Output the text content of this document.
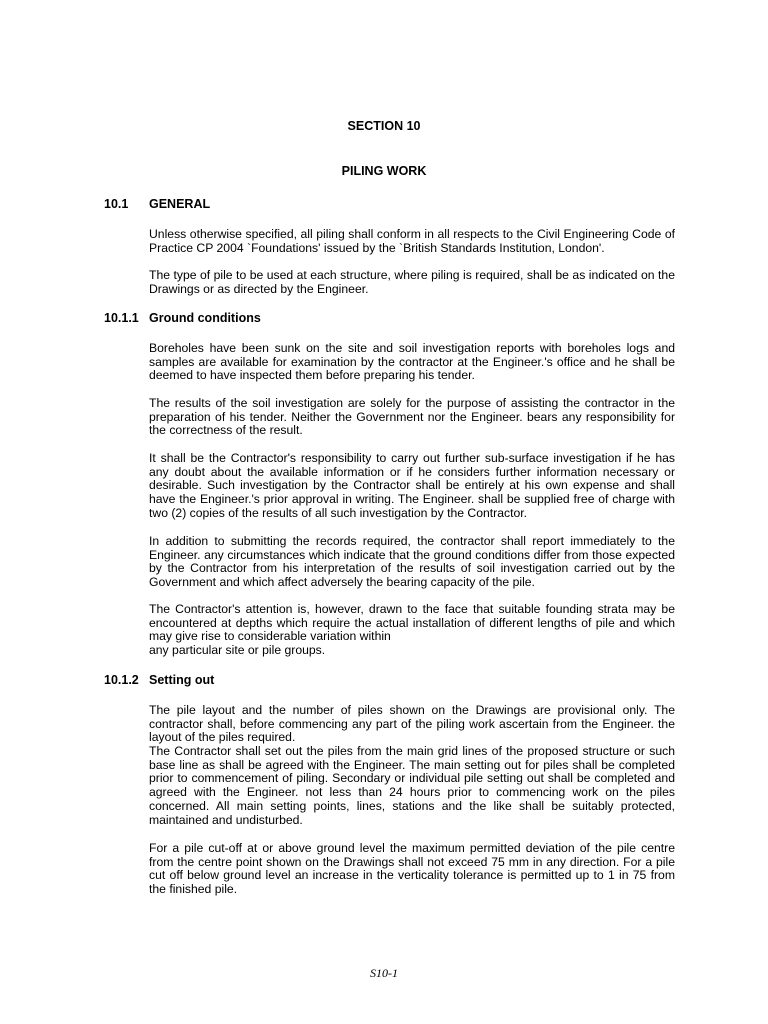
SECTION 10
PILING WORK
10.1 GENERAL

Unless otherwise specified, all piling shall conform in all respects to the Civil Engineering Code of Practice CP 2004 `Foundations' issued by the `British Standards Institution, London'.

The type of pile to be used at each structure, where piling is required, shall be as indicated on the Drawings or as directed by the Engineer.

10.1.1 Ground conditions

Boreholes have been sunk on the site and soil investigation reports with boreholes logs and samples are available for examination by the contractor at the Engineer.'s office and he shall be deemed to have inspected them before preparing his tender.

The results of the soil investigation are solely for the purpose of assisting the contractor in the preparation of his tender. Neither the Government nor the Engineer. bears any responsibility for the correctness of the result.

It shall be the Contractor's responsibility to carry out further sub-surface investigation if he has any doubt about the available information or if he considers further information necessary or desirable. Such investigation by the Contractor shall be entirely at his own expense and shall have the Engineer.'s prior approval in writing. The Engineer. shall be supplied free of charge with two (2) copies of the results of all such investigation by the Contractor.

In addition to submitting the records required, the contractor shall report immediately to the Engineer. any circumstances which indicate that the ground conditions differ from those expected by the Contractor from his interpretation of the results of soil investigation carried out by the Government and which affect adversely the bearing capacity of the pile.

The Contractor's attention is, however, drawn to the face that suitable founding strata may be encountered at depths which require the actual installation of different lengths of pile and which may give rise to considerable variation within

any particular site or pile groups.

10.1.2 Setting out

The pile layout and the number of piles shown on the Drawings are provisional only. The contractor shall, before commencing any part of the piling work ascertain from the Engineer. the layout of the piles required.

The Contractor shall set out the piles from the main grid lines of the proposed structure or such base line as shall be agreed with the Engineer. The main setting out for piles shall be completed prior to commencement of piling. Secondary or individual pile setting out shall be completed and agreed with the Engineer. not less than 24 hours prior to commencing work on the piles concerned. All main setting points, lines, stations and the like shall be suitably protected, maintained and undisturbed.

For a pile cut-off at or above ground level the maximum permitted deviation of the pile centre from the centre point shown on the Drawings shall not exceed 75 mm in any direction. For a pile cut off below ground level an increase in the verticality tolerance is permitted up to 1 in 75 from the finished pile.

S10-1
